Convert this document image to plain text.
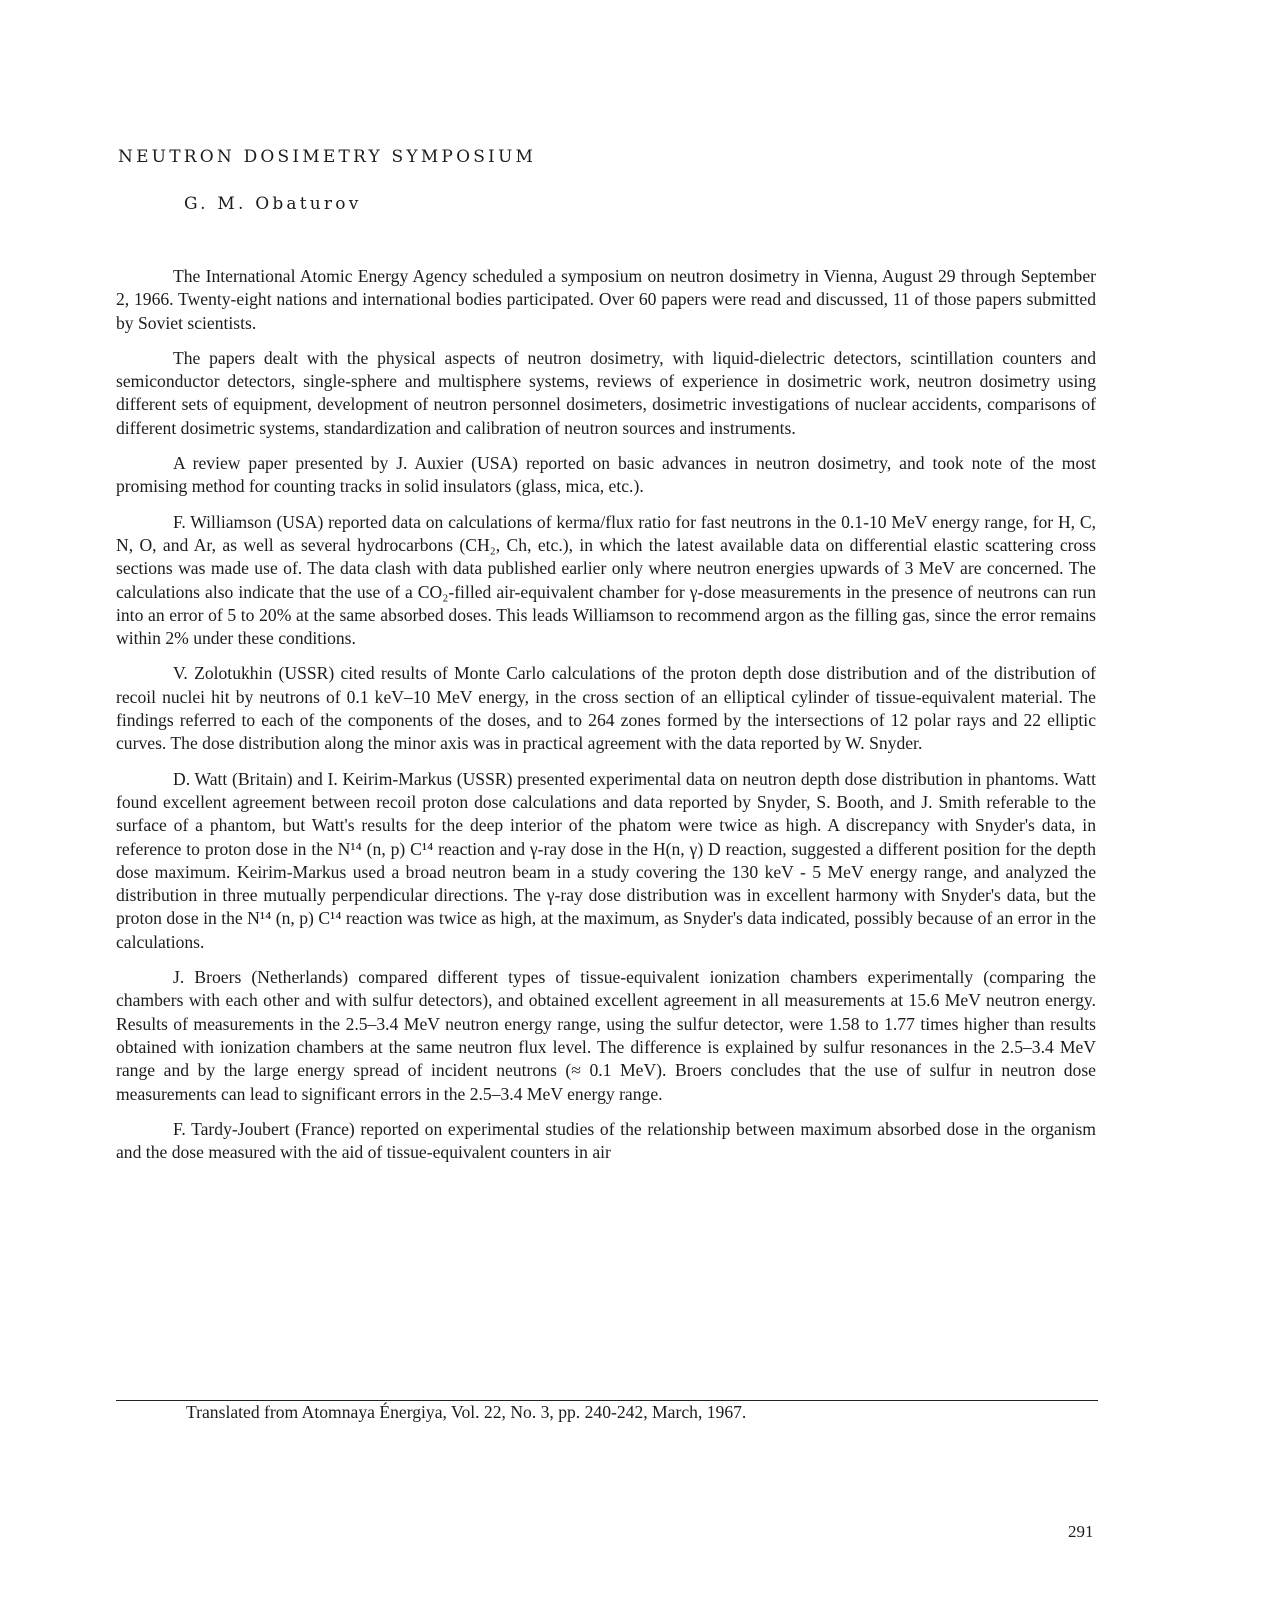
NEUTRON DOSIMETRY SYMPOSIUM
G. M. Obaturov

The International Atomic Energy Agency scheduled a symposium on neutron dosimetry in Vienna, August 29 through September 2, 1966. Twenty-eight nations and international bodies participated. Over 60 papers were read and discussed, 11 of those papers submitted by Soviet scientists.

The papers dealt with the physical aspects of neutron dosimetry, with liquid-dielectric detectors, scintillation counters and semiconductor detectors, single-sphere and multisphere systems, reviews of experience in dosimetric work, neutron dosimetry using different sets of equipment, development of neutron personnel dosimeters, dosimetric investigations of nuclear accidents, comparisons of different dosimetric systems, standardization and calibration of neutron sources and instruments.

A review paper presented by J. Auxier (USA) reported on basic advances in neutron dosimetry, and took note of the most promising method for counting tracks in solid insulators (glass, mica, etc.).

F. Williamson (USA) reported data on calculations of kerma/flux ratio for fast neutrons in the 0.1-10 MeV energy range, for H, C, N, O, and Ar, as well as several hydrocarbons (CH₂, Ch, etc.), in which the latest available data on differential elastic scattering cross sections was made use of. The data clash with data published earlier only where neutron energies upwards of 3 MeV are concerned. The calculations also indicate that the use of a CO₂-filled air-equivalent chamber for γ-dose measurements in the presence of neutrons can run into an error of 5 to 20% at the same absorbed doses. This leads Williamson to recommend argon as the filling gas, since the error remains within 2% under these conditions.

V. Zolotukhin (USSR) cited results of Monte Carlo calculations of the proton depth dose distribution and of the distribution of recoil nuclei hit by neutrons of 0.1 keV–10 MeV energy, in the cross section of an elliptical cylinder of tissue-equivalent material. The findings referred to each of the components of the doses, and to 264 zones formed by the intersections of 12 polar rays and 22 elliptic curves. The dose distribution along the minor axis was in practical agreement with the data reported by W. Snyder.

D. Watt (Britain) and I. Keirim-Markus (USSR) presented experimental data on neutron depth dose distribution in phantoms. Watt found excellent agreement between recoil proton dose calculations and data reported by Snyder, S. Booth, and J. Smith referable to the surface of a phantom, but Watt's results for the deep interior of the phatom were twice as high. A discrepancy with Snyder's data, in reference to proton dose in the N¹⁴ (n, p) C¹⁴ reaction and γ-ray dose in the H(n, γ) D reaction, suggested a different position for the depth dose maximum. Keirim-Markus used a broad neutron beam in a study covering the 130 keV - 5 MeV energy range, and analyzed the distribution in three mutually perpendicular directions. The γ-ray dose distribution was in excellent harmony with Snyder's data, but the proton dose in the N¹⁴ (n, p) C¹⁴ reaction was twice as high, at the maximum, as Snyder's data indicated, possibly because of an error in the calculations.

J. Broers (Netherlands) compared different types of tissue-equivalent ionization chambers experimentally (comparing the chambers with each other and with sulfur detectors), and obtained excellent agreement in all measurements at 15.6 MeV neutron energy. Results of measurements in the 2.5–3.4 MeV neutron energy range, using the sulfur detector, were 1.58 to 1.77 times higher than results obtained with ionization chambers at the same neutron flux level. The difference is explained by sulfur resonances in the 2.5–3.4 MeV range and by the large energy spread of incident neutrons (≈ 0.1 MeV). Broers concludes that the use of sulfur in neutron dose measurements can lead to significant errors in the 2.5–3.4 MeV energy range.

F. Tardy-Joubert (France) reported on experimental studies of the relationship between maximum absorbed dose in the organism and the dose measured with the aid of tissue-equivalent counters in air

Translated from Atomnaya Énergiya, Vol. 22, No. 3, pp. 240-242, March, 1967.
291
